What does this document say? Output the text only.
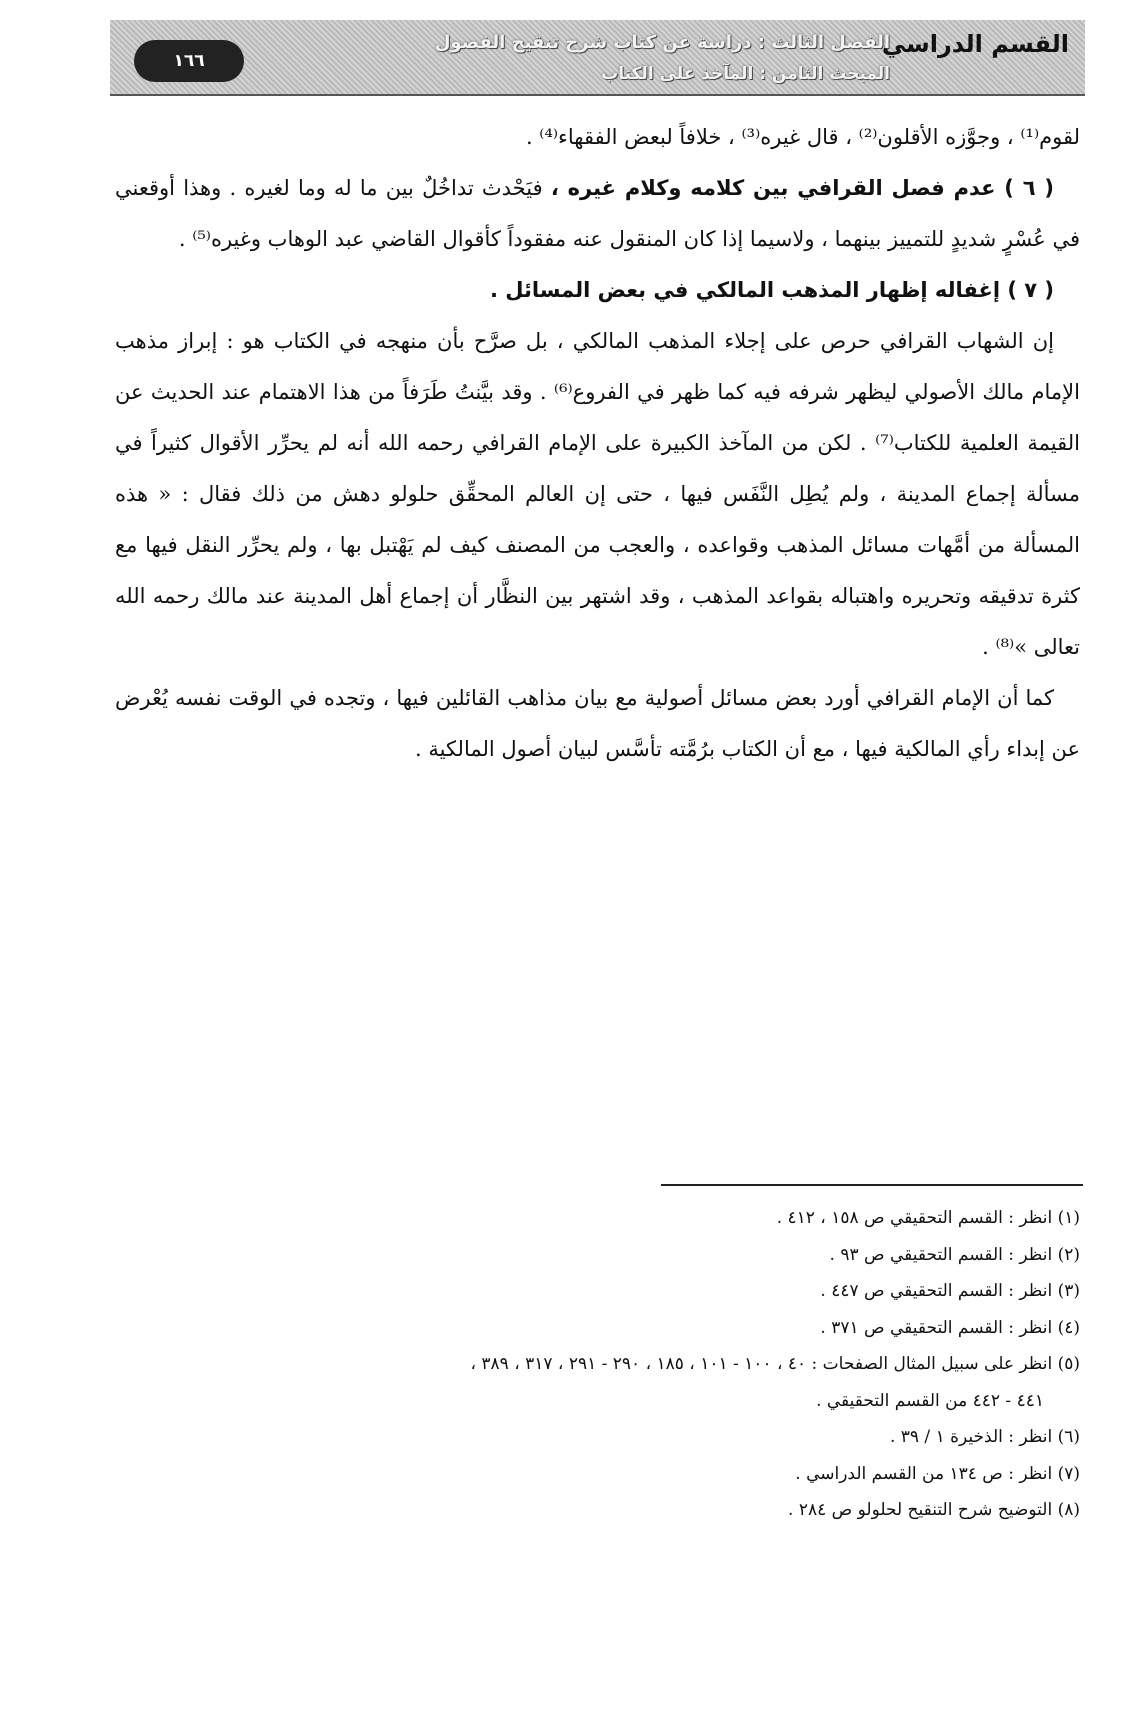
القسم الدراسي
الفصل الثالث : دراسة عن كتاب شرح تنقيح الفصول
المبحث الثامن : المآخذ على الكتاب
١٦٦

لقوم⁽¹⁾ ، وجوَّزه الأقلون⁽²⁾ ، قال غيره⁽³⁾ ، خلافاً لبعض الفقهاء⁽⁴⁾ .

( ٦ ) عدم فصل القرافي بين كلامه وكلام غيره ، فيَحْدث تداخُلٌ بين ما له وما لغيره . وهذا أوقعني في عُسْرٍ شديدٍ للتمييز بينهما ، ولاسيما إذا كان المنقول عنه مفقوداً كأقوال القاضي عبد الوهاب وغيره⁽⁵⁾ .

( ٧ ) إغفاله إظهار المذهب المالكي في بعض المسائل .

إن الشهاب القرافي حرص على إجلاء المذهب المالكي ، بل صرَّح بأن منهجه في الكتاب هو : إبراز مذهب الإمام مالك الأصولي ليظهر شرفه فيه كما ظهر في الفروع⁽⁶⁾ . وقد بيَّنتُ طَرَفاً من هذا الاهتمام عند الحديث عن القيمة العلمية للكتاب⁽⁷⁾ . لكن من المآخذ الكبيرة على الإمام القرافي رحمه الله أنه لم يحرِّر الأقوال كثيراً في مسألة إجماع المدينة ، ولم يُطِل النَّفَس فيها ، حتى إن العالم المحقِّق حلولو دهش من ذلك فقال : « هذه المسألة من أمَّهات مسائل المذهب وقواعده ، والعجب من المصنف كيف لم يَهْتبل بها ، ولم يحرِّر النقل فيها مع كثرة تدقيقه وتحريره واهتباله بقواعد المذهب ، وقد اشتهر بين النظَّار أن إجماع أهل المدينة عند مالك رحمه الله تعالى »⁽⁸⁾ .

كما أن الإمام القرافي أورد بعض مسائل أصولية مع بيان مذاهب القائلين فيها ، وتجده في الوقت نفسه يُعْرض عن إبداء رأي المالكية فيها ، مع أن الكتاب برُمَّته تأسَّس لبيان أصول المالكية .

(١) انظر : القسم التحقيقي ص ١٥٨ ، ٤١٢ .
(٢) انظر : القسم التحقيقي ص ٩٣ .
(٣) انظر : القسم التحقيقي ص ٤٤٧ .
(٤) انظر : القسم التحقيقي ص ٣٧١ .
(٥) انظر على سبيل المثال الصفحات : ٤٠ ، ١٠٠ - ١٠١ ، ١٨٥ ، ٢٩٠ - ٢٩١ ، ٣١٧ ، ٣٨٩ ،
٤٤١ - ٤٤٢ من القسم التحقيقي .
(٦) انظر : الذخيرة ١ / ٣٩ .
(٧) انظر : ص ١٣٤ من القسم الدراسي .
(٨) التوضيح شرح التنقيح لحلولو ص ٢٨٤ .
